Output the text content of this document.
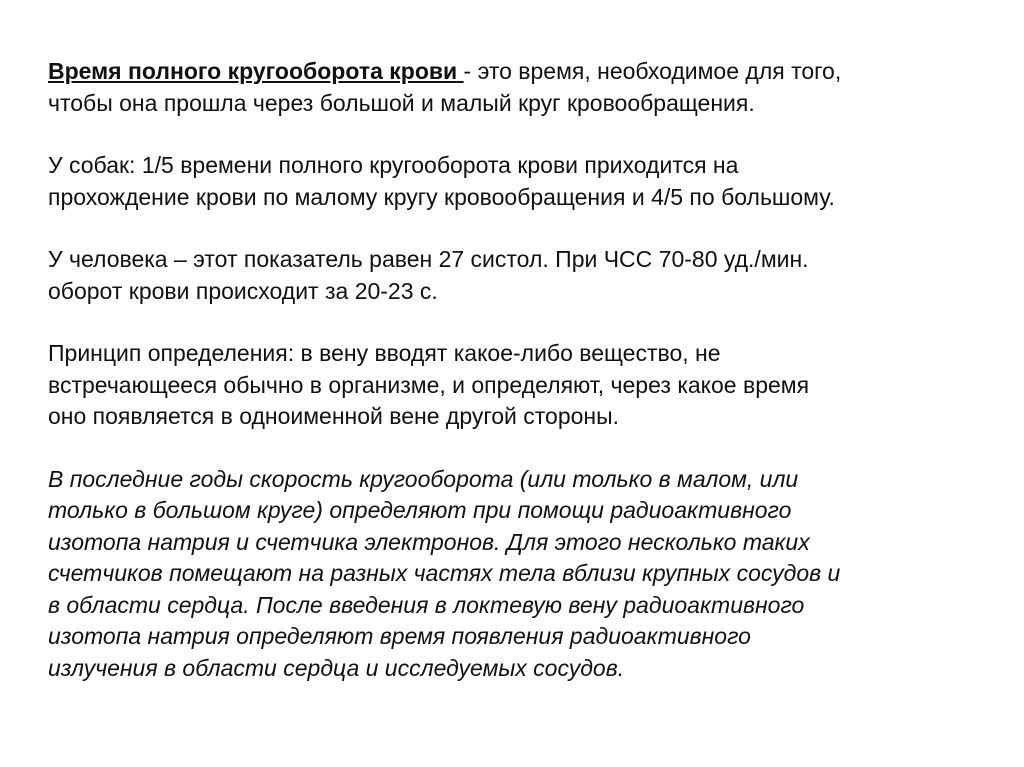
Время полного кругооборота крови - это время, необходимое для того,
чтобы она прошла через большой и малый круг кровообращения.

У собак: 1/5 времени полного кругооборота крови приходится на
прохождение крови по малому кругу кровообращения и 4/5 по большому.

У человека – этот показатель равен 27 систол. При ЧСС 70-80 уд./мин.
оборот крови происходит за 20-23 с.

Принцип определения: в вену вводят какое-либо вещество, не
встречающееся обычно в организме, и определяют, через какое время
оно появляется в одноименной вене другой стороны.

В последние годы скорость кругооборота (или только в малом, или
только в большом круге) определяют при помощи радиоактивного
изотопа натрия и счетчика электронов. Для этого несколько таких
счетчиков помещают на разных частях тела вблизи крупных сосудов и
в области сердца. После введения в локтевую вену радиоактивного
изотопа натрия определяют время появления радиоактивного
излучения в области сердца и исследуемых сосудов.
